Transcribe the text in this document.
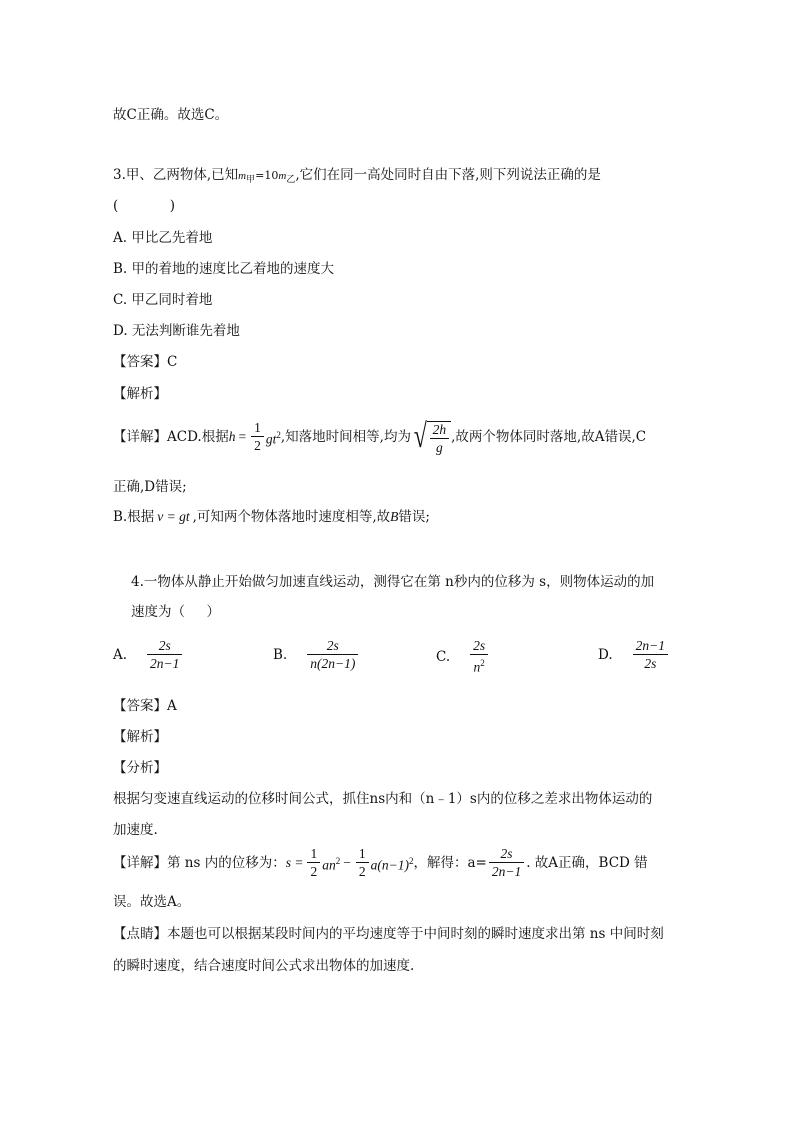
故C正确。故选C。
3.甲、乙两物体,已知$m_甲=10m_乙$,它们在同一高处同时自由下落,则下列说法正确的是
(            )
A. 甲比乙先着地
B. 甲的着地的速度比乙着地的速度大
C. 甲乙同时着地
D. 无法判断谁先着地
【答案】C
【解析】
【详解】ACD.根据 $h = \frac{1}{2} gt^2$ ,知落地时间相等,均为 √ $\frac{2h}{g}$ ,故两个物体同时落地,故A错误,C
正确,D错误;
B.根据 v = gt ,可知两个物体落地时速度相等,故B错误;
4.一物体从静止开始做匀加速直线运动，测得它在第 n秒内的位移为 s，则物体运动的加
速度为（     ）
A. $\frac{2s}{2n-1}$	B. $\frac{2s}{n(2n-1)}$	C. $\frac{2s}{n^2}$	D. $\frac{2n-1}{2s}$
【答案】A
【解析】
【分析】
根据匀变速直线运动的位移时间公式，抓住ns内和（n﹣1）s内的位移之差求出物体运动的
加速度.
【详解】第 ns 内的位移为： $s = \frac{1}{2} an^2 - \frac{1}{2} a(n-1)^2$ ，解得：$a= \frac{2s}{2n-1}$ . 故A正确，BCD 错
误。故选A。
【点睛】本题也可以根据某段时间内的平均速度等于中间时刻的瞬时速度求出第 ns 中间时刻
的瞬时速度，结合速度时间公式求出物体的加速度.
